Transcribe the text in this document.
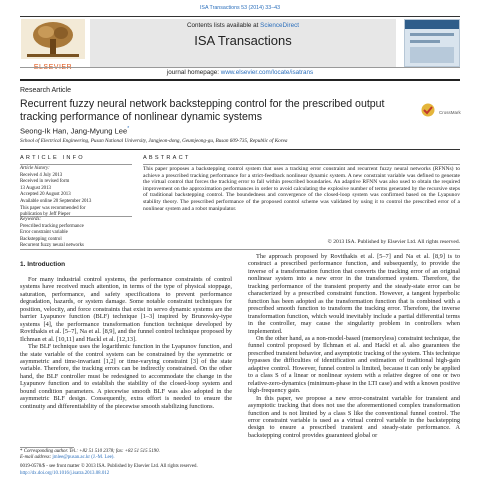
ISA Transactions 53 (2014) 33–43
ELSEVIER
Contents lists available at ScienceDirect
ISA Transactions
journal homepage: www.elsevier.com/locate/isatrans
Research Article
Recurrent fuzzy neural network backstepping control for the prescribed output tracking performance of nonlinear dynamic systems	CrossMark
Seong-Ik Han, Jang-Myung Lee*
School of Electrical Engineering, Pusan National University, Jangjeon-dong, Geumjeong-gu, Busan 609-735, Republic of Korea
ARTICLE INFO
Article history:
Received 4 July 2013
Received in revised form
13 August 2013
Accepted 20 August 2013
Available online 20 September 2013
This paper was recommended for
publication by Jeff Pieper
Keywords:
Prescribed tracking performance
Error constraint variable
Backstepping control
Recurrent fuzzy neural networks
ABSTRACT
This paper proposes a backstepping control system that uses a tracking error constraint and recurrent fuzzy neural networks (RFNNs) to achieve a prescribed tracking performance for a strict-feedback nonlinear dynamic system. A new constraint variable was defined to generate the virtual control that forces the tracking error to fall within prescribed boundaries. An adaptive RFNN was also used to obtain the required improvement on the approximation performances in order to avoid calculating the explosive number of terms generated by the recursive steps of traditional backstepping control. The boundedness and convergence of the closed-loop system was confirmed based on the Lyapunov stability theory. The prescribed performance of the proposed control scheme was validated by using it to control the prescribed error of a nonlinear system and a robot manipulator.
© 2013 ISA. Published by Elsevier Ltd. All rights reserved.
1. Introduction

For many industrial control systems, the performance constraints of control systems have received much attention, in terms of the type of physical stoppage, saturation, performance, and safety specifications to prevent performance degradation, hazards, or system damage. Some notable constraint techniques for position, velocity, and force constraints that exist in servo dynamic systems are the barrier Lyapunov function (BLF) technique [1–3] inspired by Brunovsky-type systems [4], the performance transformation function technique developed by Rovithakis et al. [5–7], Na et al. [8,9], and the funnel control technique proposed by Ilchman et al. [10,11] and Hackl et al. [12,13].

The BLF technique uses the logarithmic function in the Lyapunov function, and the state variable of the control system can be constrained by the symmetric or asymmetric and time-invariant [1,2] or time-varying constraint [3] of the state variable. Therefore, the tracking errors can be indirectly constrained. On the other hand, the BLF controller must be redesigned to accommodate the change in the Lyapunov function and to establish the stability of the closed-loop system and bound condition parameters. A piecewise smooth BLF was also adopted in the asymmetric BLF design. Consequently, extra effort is needed to ensure the continuity and differentiability of the piecewise smooth stabilizing functions.

The approach proposed by Rovithakis et al. [5–7] and Na et al. [8,9] is to construct a prescribed performance function, and subsequently, to provide the inverse of a transformation function that converts the tracking error of an original nonlinear system into a new error in the transformed system. Therefore, the tracking performance of the transient property and the steady-state error can be characterized by a prescribed constraint function. However, a tangent hyperbolic function has been adopted as the transformation function that is combined with a prescribed smooth function to transform the tracking error. Therefore, the inverse transformation function, which would inevitably include a partial differential terms in the controller, may cause the singularity problem in controllers when implemented.

On the other hand, as a non-model-based (memoryless) constraint technique, the funnel control proposed by Ilchman et al. and Hackl et al. also guarantees the prescribed transient behavior, and asymptotic tracking of the system. This technique bypasses the difficulties of identification and estimation of traditional high-gain adaptive control. However, funnel control is limited, because it can only be applied to a class S of a linear or nonlinear system with a relative degree of one or two relative-zero-dynamics (minimum-phase in the LTI case) and with a known positive high-frequency gain.

In this paper, we propose a new error-constraint variable for transient and asymptotic tracking that does not use the aforementioned complex transformation function and is not limited by a class S like the conventional funnel control. The error constraint variable is used as a virtual control variable in the backstepping design to ensure a prescribed transient and steady-state performance. A backstepping control provides guaranteed global or

* Corresponding author. Tel.: +82 51 510 2378; fax: +82 51 515 5190.
E-mail address: jmlee@pusan.ac.kr (J.-M. Lee).
0019-0578/$ - see front matter © 2013 ISA. Published by Elsevier Ltd. All rights reserved.
http://dx.doi.org/10.1016/j.isatra.2013.08.012
